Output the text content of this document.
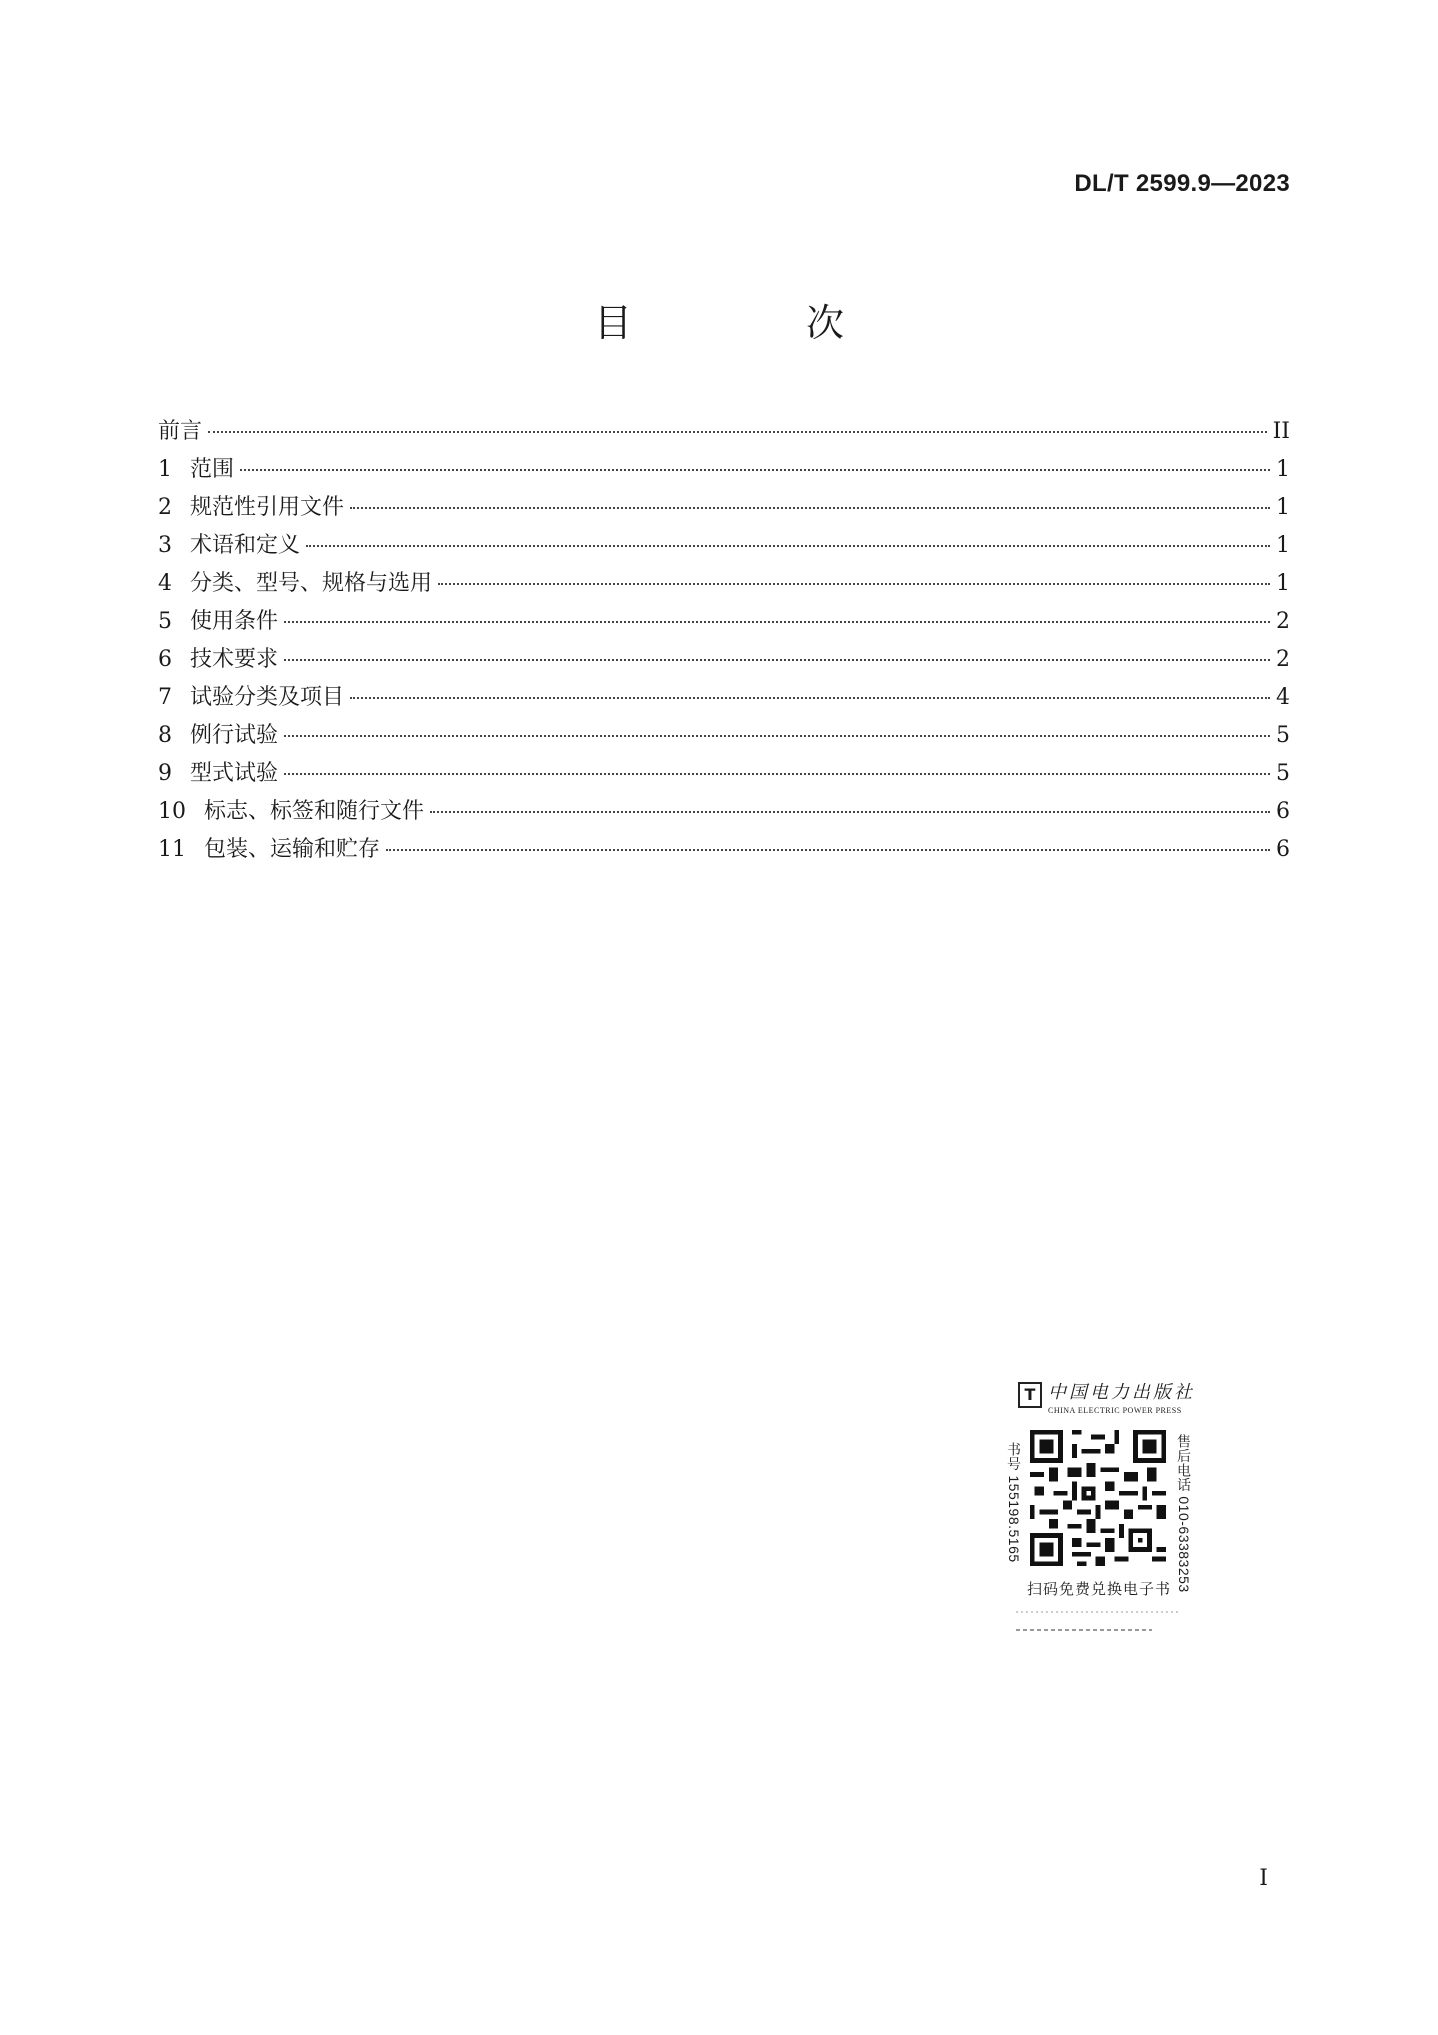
DL/T 2599.9—2023
目　次
前言	II
1 范围	1
2 规范性引用文件	1
3 术语和定义	1
4 分类、型号、规格与选用	1
5 使用条件	2
6 技术要求	2
7 试验分类及项目	4
8 例行试验	5
9 型式试验	5
10 标志、标签和随行文件	6
11 包装、运输和贮存	6
T 中国电力出版社
CHINA ELECTRIC POWER PRESS
书号 155198.5165	售后电话 010-63383253
扫码免费兑换电子书
I
